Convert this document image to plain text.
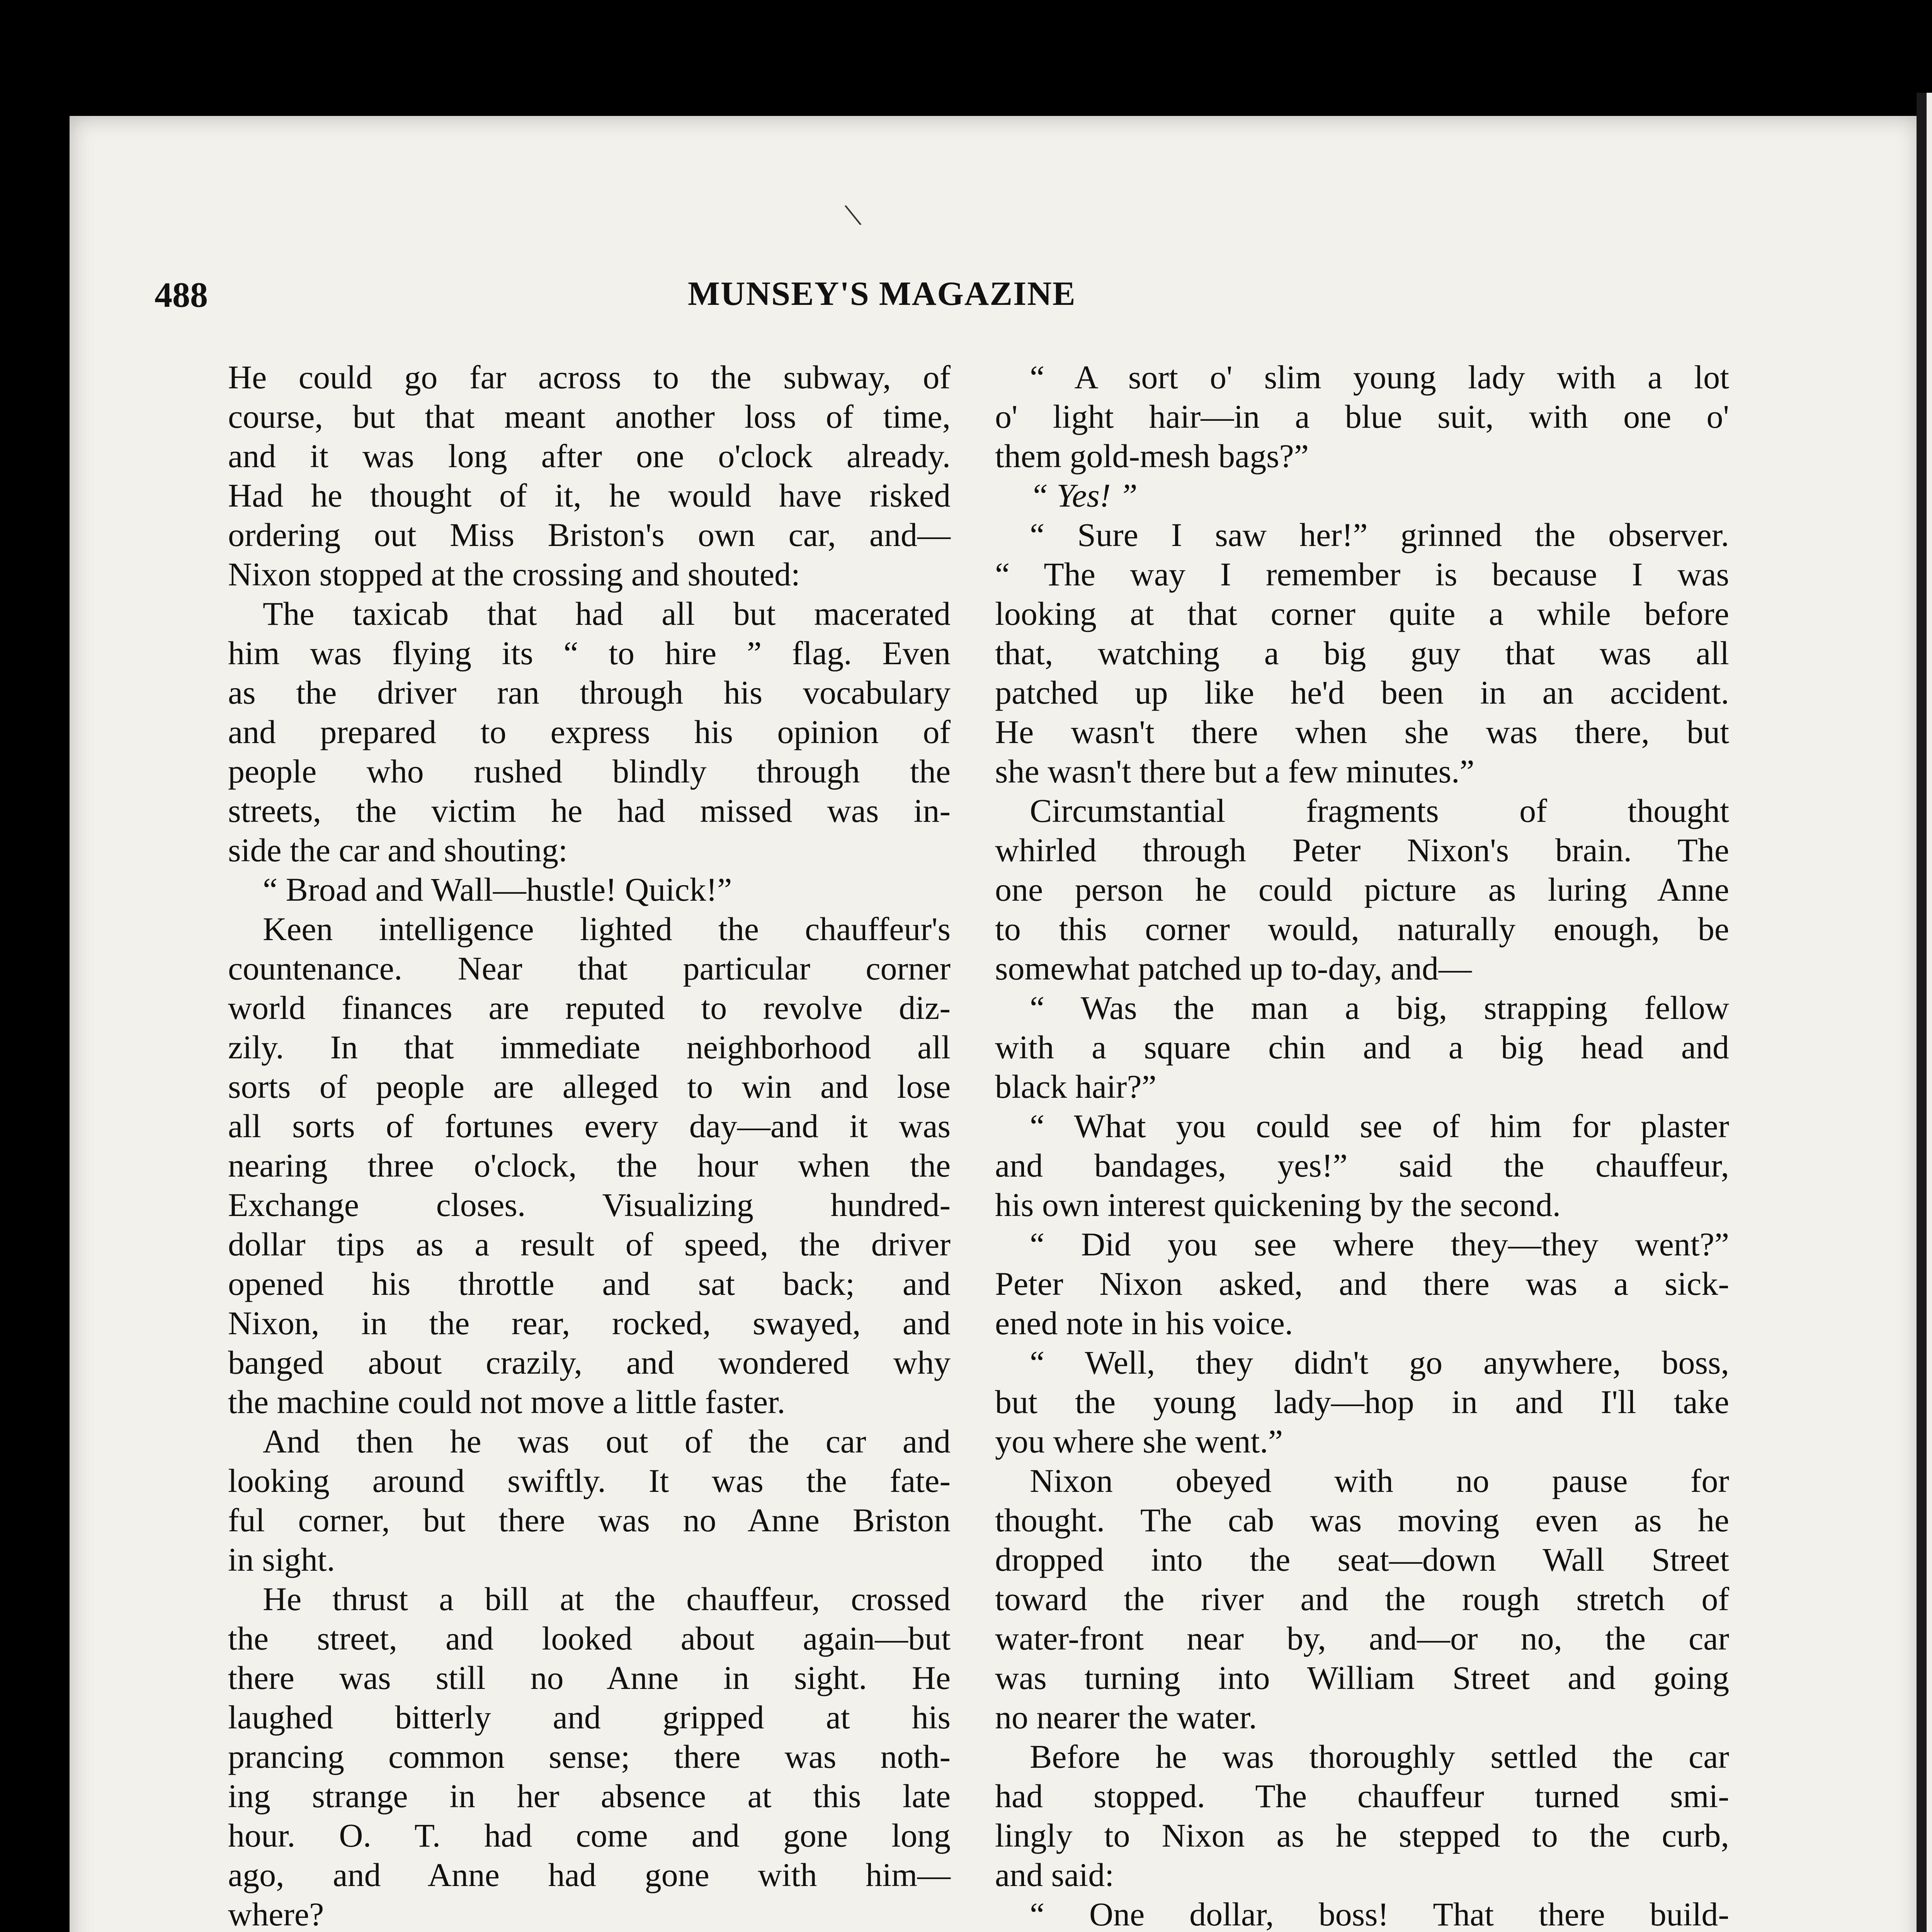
\
488	MUNSEY'S MAGAZINE
He could go far across to the subway, of
course, but that meant another loss of time,
and it was long after one o'clock already.
Had he thought of it, he would have risked
ordering out Miss Briston's own car, and—
Nixon stopped at the crossing and shouted:
The taxicab that had all but macerated
him was flying its “ to hire ” flag. Even
as the driver ran through his vocabulary
and prepared to express his opinion of
people who rushed blindly through the
streets, the victim he had missed was in-
side the car and shouting:
“ Broad and Wall—hustle! Quick!”
Keen intelligence lighted the chauffeur's
countenance. Near that particular corner
world finances are reputed to revolve diz-
zily. In that immediate neighborhood all
sorts of people are alleged to win and lose
all sorts of fortunes every day—and it was
nearing three o'clock, the hour when the
Exchange closes. Visualizing hundred-
dollar tips as a result of speed, the driver
opened his throttle and sat back; and
Nixon, in the rear, rocked, swayed, and
banged about crazily, and wondered why
the machine could not move a little faster.
And then he was out of the car and
looking around swiftly. It was the fate-
ful corner, but there was no Anne Briston
in sight.
He thrust a bill at the chauffeur, crossed
the street, and looked about again—but
there was still no Anne in sight. He
laughed bitterly and gripped at his
prancing common sense; there was noth-
ing strange in her absence at this late
hour. O. T. had come and gone long
ago, and Anne had gone with him—
where?
“ A sort o' slim young lady with a lot
o' light hair—in a blue suit, with one o'
them gold-mesh bags?”
“ Yes! ”
“ Sure I saw her!” grinned the observer.
“ The way I remember is because I was
looking at that corner quite a while before
that, watching a big guy that was all
patched up like he'd been in an accident.
He wasn't there when she was there, but
she wasn't there but a few minutes.”
Circumstantial fragments of thought
whirled through Peter Nixon's brain. The
one person he could picture as luring Anne
to this corner would, naturally enough, be
somewhat patched up to-day, and—
“ Was the man a big, strapping fellow
with a square chin and a big head and
black hair?”
“ What you could see of him for plaster
and bandages, yes!” said the chauffeur,
his own interest quickening by the second.
“ Did you see where they—they went?”
Peter Nixon asked, and there was a sick-
ened note in his voice.
“ Well, they didn't go anywhere, boss,
but the young lady—hop in and I'll take
you where she went.”
Nixon obeyed with no pause for
thought. The cab was moving even as he
dropped into the seat—down Wall Street
toward the river and the rough stretch of
water-front near by, and—or no, the car
was turning into William Street and going
no nearer the water.
Before he was thoroughly settled the car
had stopped. The chauffeur turned smi-
lingly to Nixon as he stepped to the curb,
and said:
“ One dollar, boss! That there build-
